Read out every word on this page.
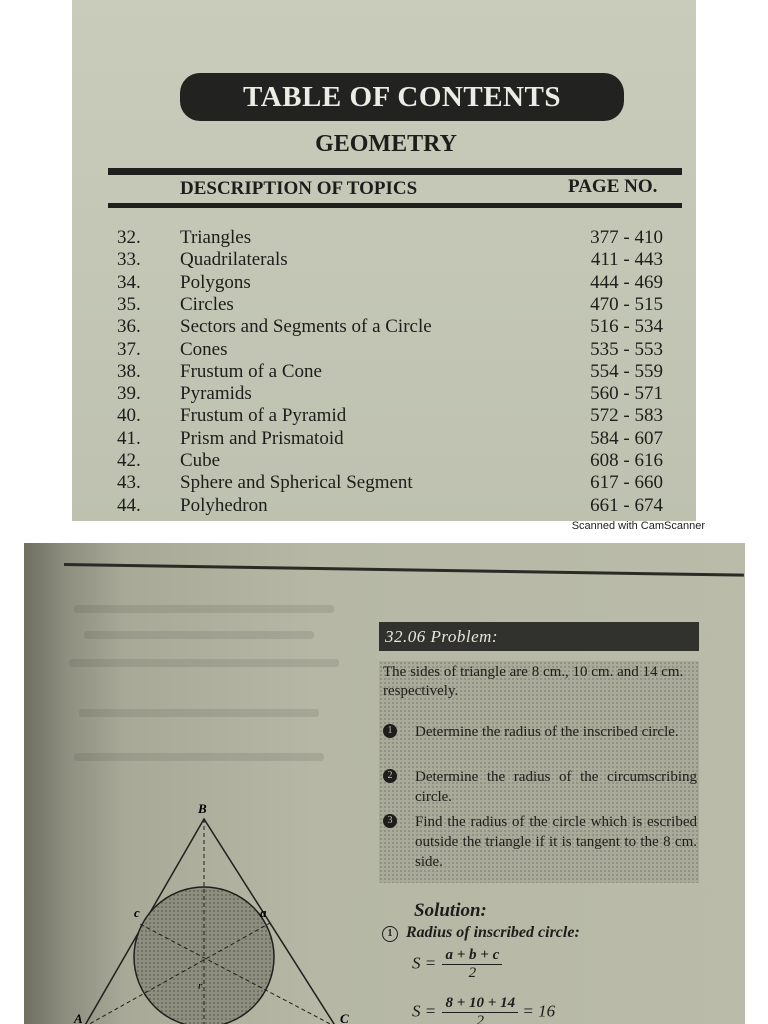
TABLE OF CONTENTS
GEOMETRY
DESCRIPTION OF TOPICS	PAGE NO.
32. Triangles	377 - 410
33. Quadrilaterals	411 - 443
34. Polygons	444 - 469
35. Circles	470 - 515
36. Sectors and Segments of a Circle	516 - 534
37. Cones	535 - 553
38. Frustum of a Cone	554 - 559
39. Pyramids	560 - 571
40. Frustum of a Pyramid	572 - 583
41. Prism and Prismatoid	584 - 607
42. Cube	608 - 616
43. Sphere and Spherical Segment	617 - 660
44. Polyhedron	661 - 674
Scanned with CamScanner
32.06 Problem:
The sides of triangle are 8 cm., 10 cm. and 14 cm. respectively.
1	Determine the radius of the inscribed circle.
2	Determine the radius of the circumscribing circle.
3	Find the radius of the circle which is escribed outside the triangle if it is tangent to the 8 cm. side.
Solution:
1 Radius of inscribed circle:
$S = \frac{a + b + c}{2}$
$S = \frac{8 + 10 + 14}{2} = 16$
B
c	a
r
A	C
